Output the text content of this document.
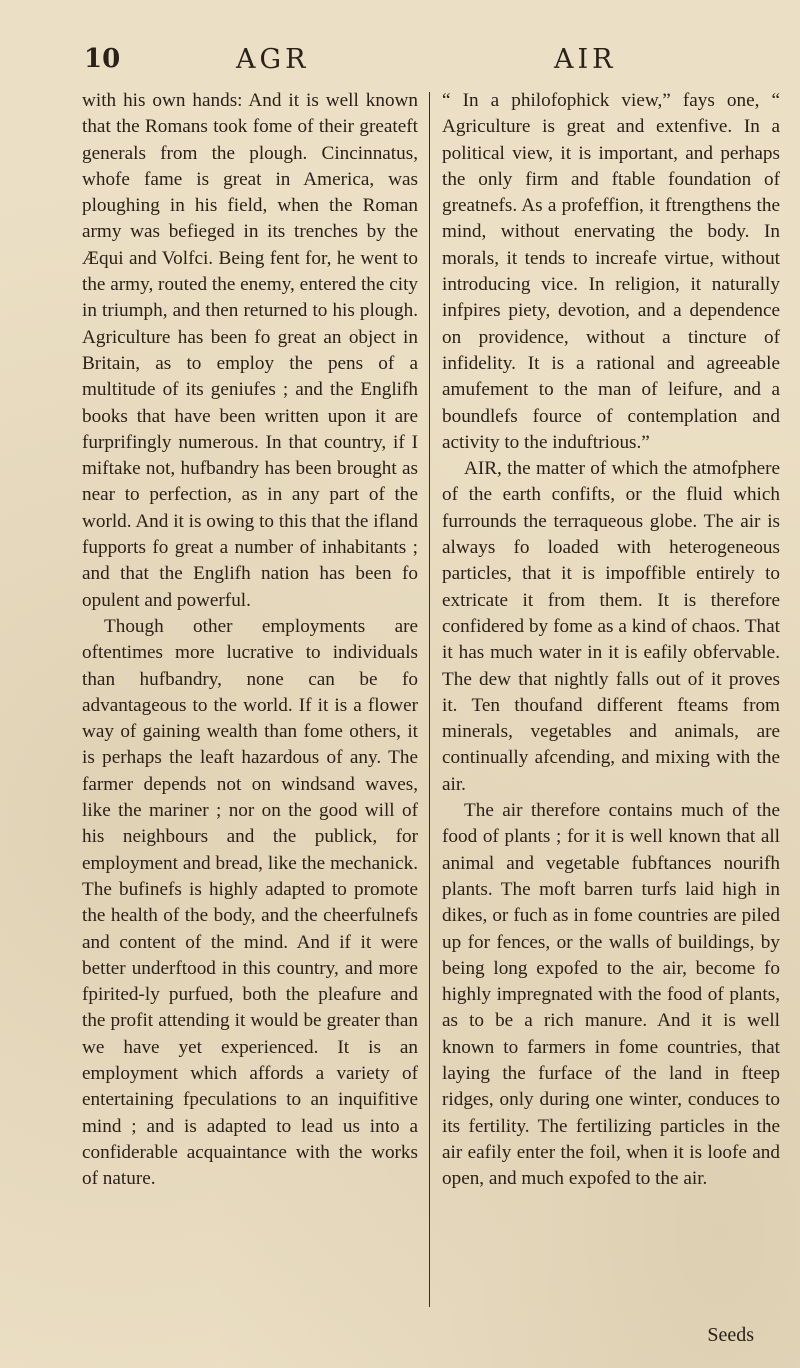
10	AGR	AIR

with his own hands: And it is well known that the Romans took fome of their greateft generals from the plough. Cincinnatus, whofe fame is great in America, was ploughing in his field, when the Roman army was befieged in its trenches by the Æqui and Volfci. Being fent for, he went to the army, routed the enemy, entered the city in triumph, and then returned to his plough. Agriculture has been fo great an object in Britain, as to employ the pens of a multitude of its geniufes ; and the Englifh books that have been written upon it are furprifingly numerous. In that country, if I miftake not, hufbandry has been brought as near to perfection, as in any part of the world. And it is owing to this that the ifland fupports fo great a number of inhabitants ; and that the Englifh nation has been fo opulent and powerful.

Though other employments are oftentimes more lucrative to individuals than hufbandry, none can be fo advantageous to the world. If it is a flower way of gaining wealth than fome others, it is perhaps the leaft hazardous of any. The farmer depends not on windsand waves, like the mariner ; nor on the good will of his neighbours and the publick, for employment and bread, like the mechanick. The bufinefs is highly adapted to promote the health of the body, and the cheerfulnefs and content of the mind. And if it were better underftood in this country, and more fpirited-ly purfued, both the pleafure and the profit attending it would be greater than we have yet experienced. It is an employment which affords a variety of entertaining fpeculations to an inquifitive mind ; and is adapted to lead us into a confiderable acquaintance with the works of nature.

“ In a philofophick view,” fays one, “ Agriculture is great and extenfive. In a political view, it is important, and perhaps the only firm and ftable foundation of greatnefs. As a profeffion, it ftrengthens the mind, without enervating the body. In morals, it tends to increafe virtue, without introducing vice. In religion, it naturally infpires piety, devotion, and a dependence on providence, without a tincture of infidelity. It is a rational and agreeable amufement to the man of leifure, and a boundlefs fource of contemplation and activity to the induftrious.”

AIR, the matter of which the atmofphere of the earth confifts, or the fluid which furrounds the terraqueous globe. The air is always fo loaded with heterogeneous particles, that it is impoffible entirely to extricate it from them. It is therefore confidered by fome as a kind of chaos. That it has much water in it is eafily obfervable. The dew that nightly falls out of it proves it. Ten thoufand different fteams from minerals, vegetables and animals, are continually afcending, and mixing with the air.

The air therefore contains much of the food of plants ; for it is well known that all animal and vegetable fubftances nourifh plants. The moft barren turfs laid high in dikes, or fuch as in fome countries are piled up for fences, or the walls of buildings, by being long expofed to the air, become fo highly impregnated with the food of plants, as to be a rich manure. And it is well known to farmers in fome countries, that laying the furface of the land in fteep ridges, only during one winter, conduces to its fertility. The fertilizing particles in the air eafily enter the foil, when it is loofe and open, and much expofed to the air.

Seeds
